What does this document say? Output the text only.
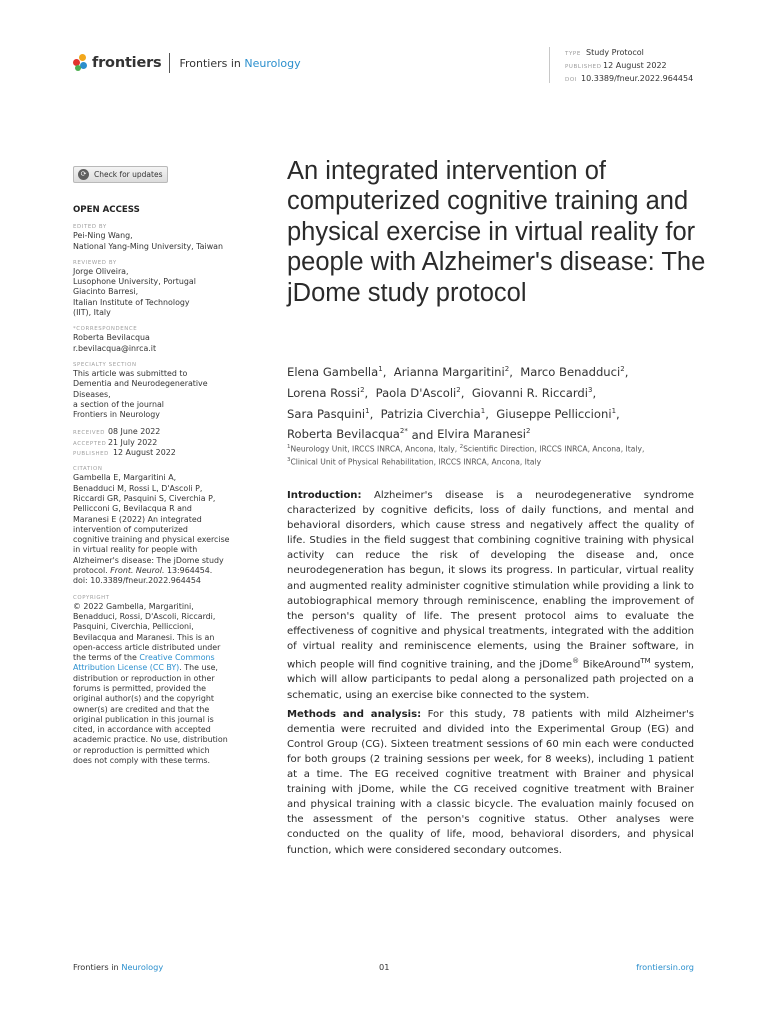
frontiers Frontiers in Neurology
TYPE Study Protocol
PUBLISHED12 August 2022
DOI 10.3389/fneur.2022.964454
⟳	Check for updates
OPEN ACCESS
EDITED BY
Pei-Ning Wang,
National Yang-Ming University, Taiwan
REVIEWED BY
Jorge Oliveira,
Lusophone University, Portugal
Giacinto Barresi,
Italian Institute of Technology
(IIT), Italy
*CORRESPONDENCE
Roberta Bevilacqua
r.bevilacqua@inrca.it
SPECIALTY SECTION
This article was submitted to
Dementia and Neurodegenerative
Diseases,
a section of the journal
Frontiers in Neurology
RECEIVED 08 June 2022
ACCEPTED 21 July 2022
PUBLISHED 12 August 2022
CITATION
Gambella E, Margaritini A,
Benadduci M, Rossi L, D'Ascoli P,
Riccardi GR, Pasquini S, Civerchia P,
Pellicconi G, Bevilacqua R and
Maranesi E (2022) An integrated
intervention of computerized
cognitive training and physical exercise
in virtual reality for people with
Alzheimer's disease: The jDome study
protocol. Front. Neurol. 13:964454.
doi: 10.3389/fneur.2022.964454
COPYRIGHT
© 2022 Gambella, Margaritini,
Benadduci, Rossi, D'Ascoli, Riccardi,
Pasquini, Civerchia, Pelliccioni,
Bevilacqua and Maranesi. This is an
open-access article distributed under
the terms of the Creative Commons
Attribution License (CC BY). The use,
distribution or reproduction in other
forums is permitted, provided the
original author(s) and the copyright
owner(s) are credited and that the
original publication in this journal is
cited, in accordance with accepted
academic practice. No use, distribution
or reproduction is permitted which
does not comply with these terms.
An integrated intervention of computerized cognitive training and physical exercise in virtual reality for people with Alzheimer's disease: The jDome study protocol
Elena Gambella$^1$,  Arianna Margaritini$^2$,  Marco Benadduci$^2$,
Lorena Rossi$^2$,  Paola D'Ascoli$^2$,  Giovanni R. Riccardi$^3$,
Sara Pasquini$^1$,  Patrizia Civerchia$^1$,  Giuseppe Pelliccioni$^1$,
Roberta Bevilacqua$^{2*}$ and Elvira Maranesi$^2$
$^1$Neurology Unit, IRCCS INRCA, Ancona, Italy, $^2$Scientific Direction, IRCCS INRCA, Ancona, Italy,
$^3$Clinical Unit of Physical Rehabilitation, IRCCS INRCA, Ancona, Italy

Introduction: Alzheimer's disease is a neurodegenerative syndrome characterized by cognitive deficits, loss of daily functions, and mental and behavioral disorders, which cause stress and negatively affect the quality of life. Studies in the field suggest that combining cognitive training with physical activity can reduce the risk of developing the disease and, once neurodegeneration has begun, it slows its progress. In particular, virtual reality and augmented reality administer cognitive stimulation while providing a link to autobiographical memory through reminiscence, enabling the improvement of the person's quality of life. The present protocol aims to evaluate the effectiveness of cognitive and physical treatments, integrated with the addition of virtual reality and reminiscence elements, using the Brainer software, in which people will find cognitive training, and the jDome® BikeAround™ system, which will allow participants to pedal along a personalized path projected on a schematic, using an exercise bike connected to the system.

Methods and analysis: For this study, 78 patients with mild Alzheimer's dementia were recruited and divided into the Experimental Group (EG) and Control Group (CG). Sixteen treatment sessions of 60 min each were conducted for both groups (2 training sessions per week, for 8 weeks), including 1 patient at a time. The EG received cognitive treatment with Brainer and physical training with jDome, while the CG received cognitive treatment with Brainer and physical training with a classic bicycle. The evaluation mainly focused on the assessment of the person's cognitive status. Other analyses were conducted on the quality of life, mood, behavioral disorders, and physical function, which were considered secondary outcomes.

Frontiers in Neurology	01	frontiersin.org
